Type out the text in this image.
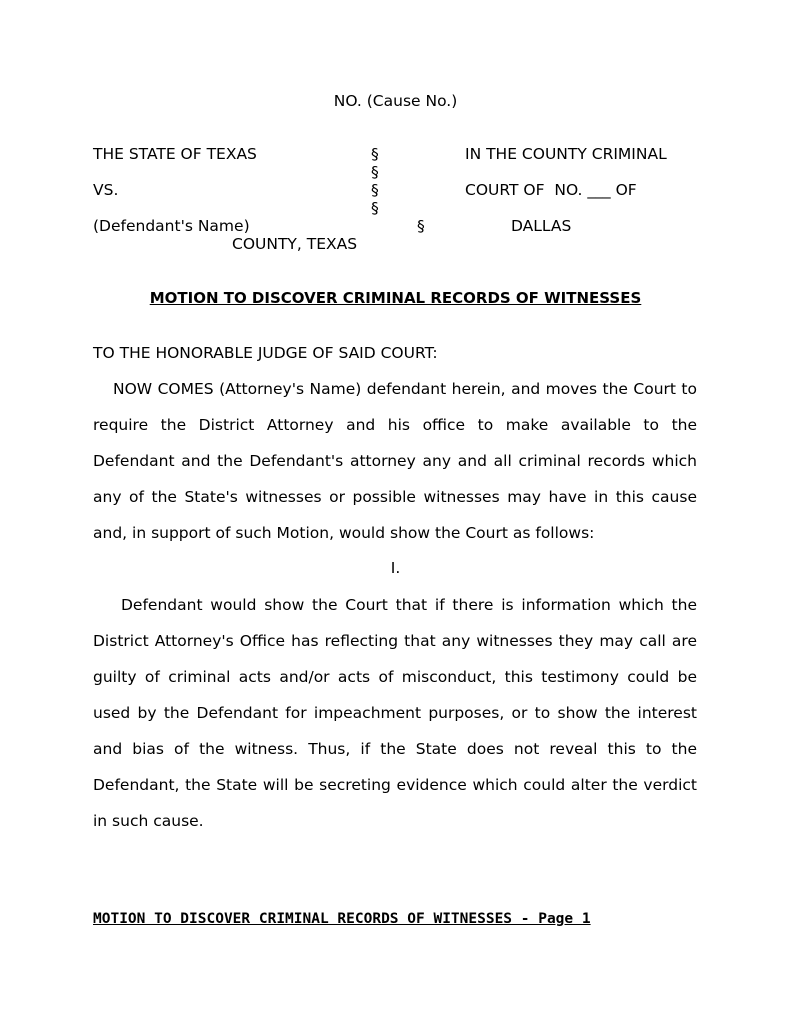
NO. (Cause No.)
THE STATE OF TEXAS
VS.
(Defendant's Name)
§
§
§
§
§
IN THE COUNTY CRIMINAL
COURT OF  NO. ___ OF
DALLAS
COUNTY, TEXAS
MOTION TO DISCOVER CRIMINAL RECORDS OF WITNESSES
TO THE HONORABLE JUDGE OF SAID COURT:
NOW COMES (Attorney's Name) defendant herein, and moves the Court to require the District Attorney and his office to make available to the Defendant and the Defendant's attorney any and all criminal records which any of the State's witnesses or possible witnesses may have in this cause and, in support of such Motion, would show the Court as follows:
I.
Defendant would show the Court that if there is information which the District Attorney's Office has reflecting that any witnesses they may call are guilty of criminal acts and/or acts of misconduct, this testimony could be used by the Defendant for impeachment purposes, or to show the interest and bias of the witness. Thus, if the State does not reveal this to the Defendant, the State will be secreting evidence which could alter the verdict in such cause.
MOTION TO DISCOVER CRIMINAL RECORDS OF WITNESSES - Page 1
